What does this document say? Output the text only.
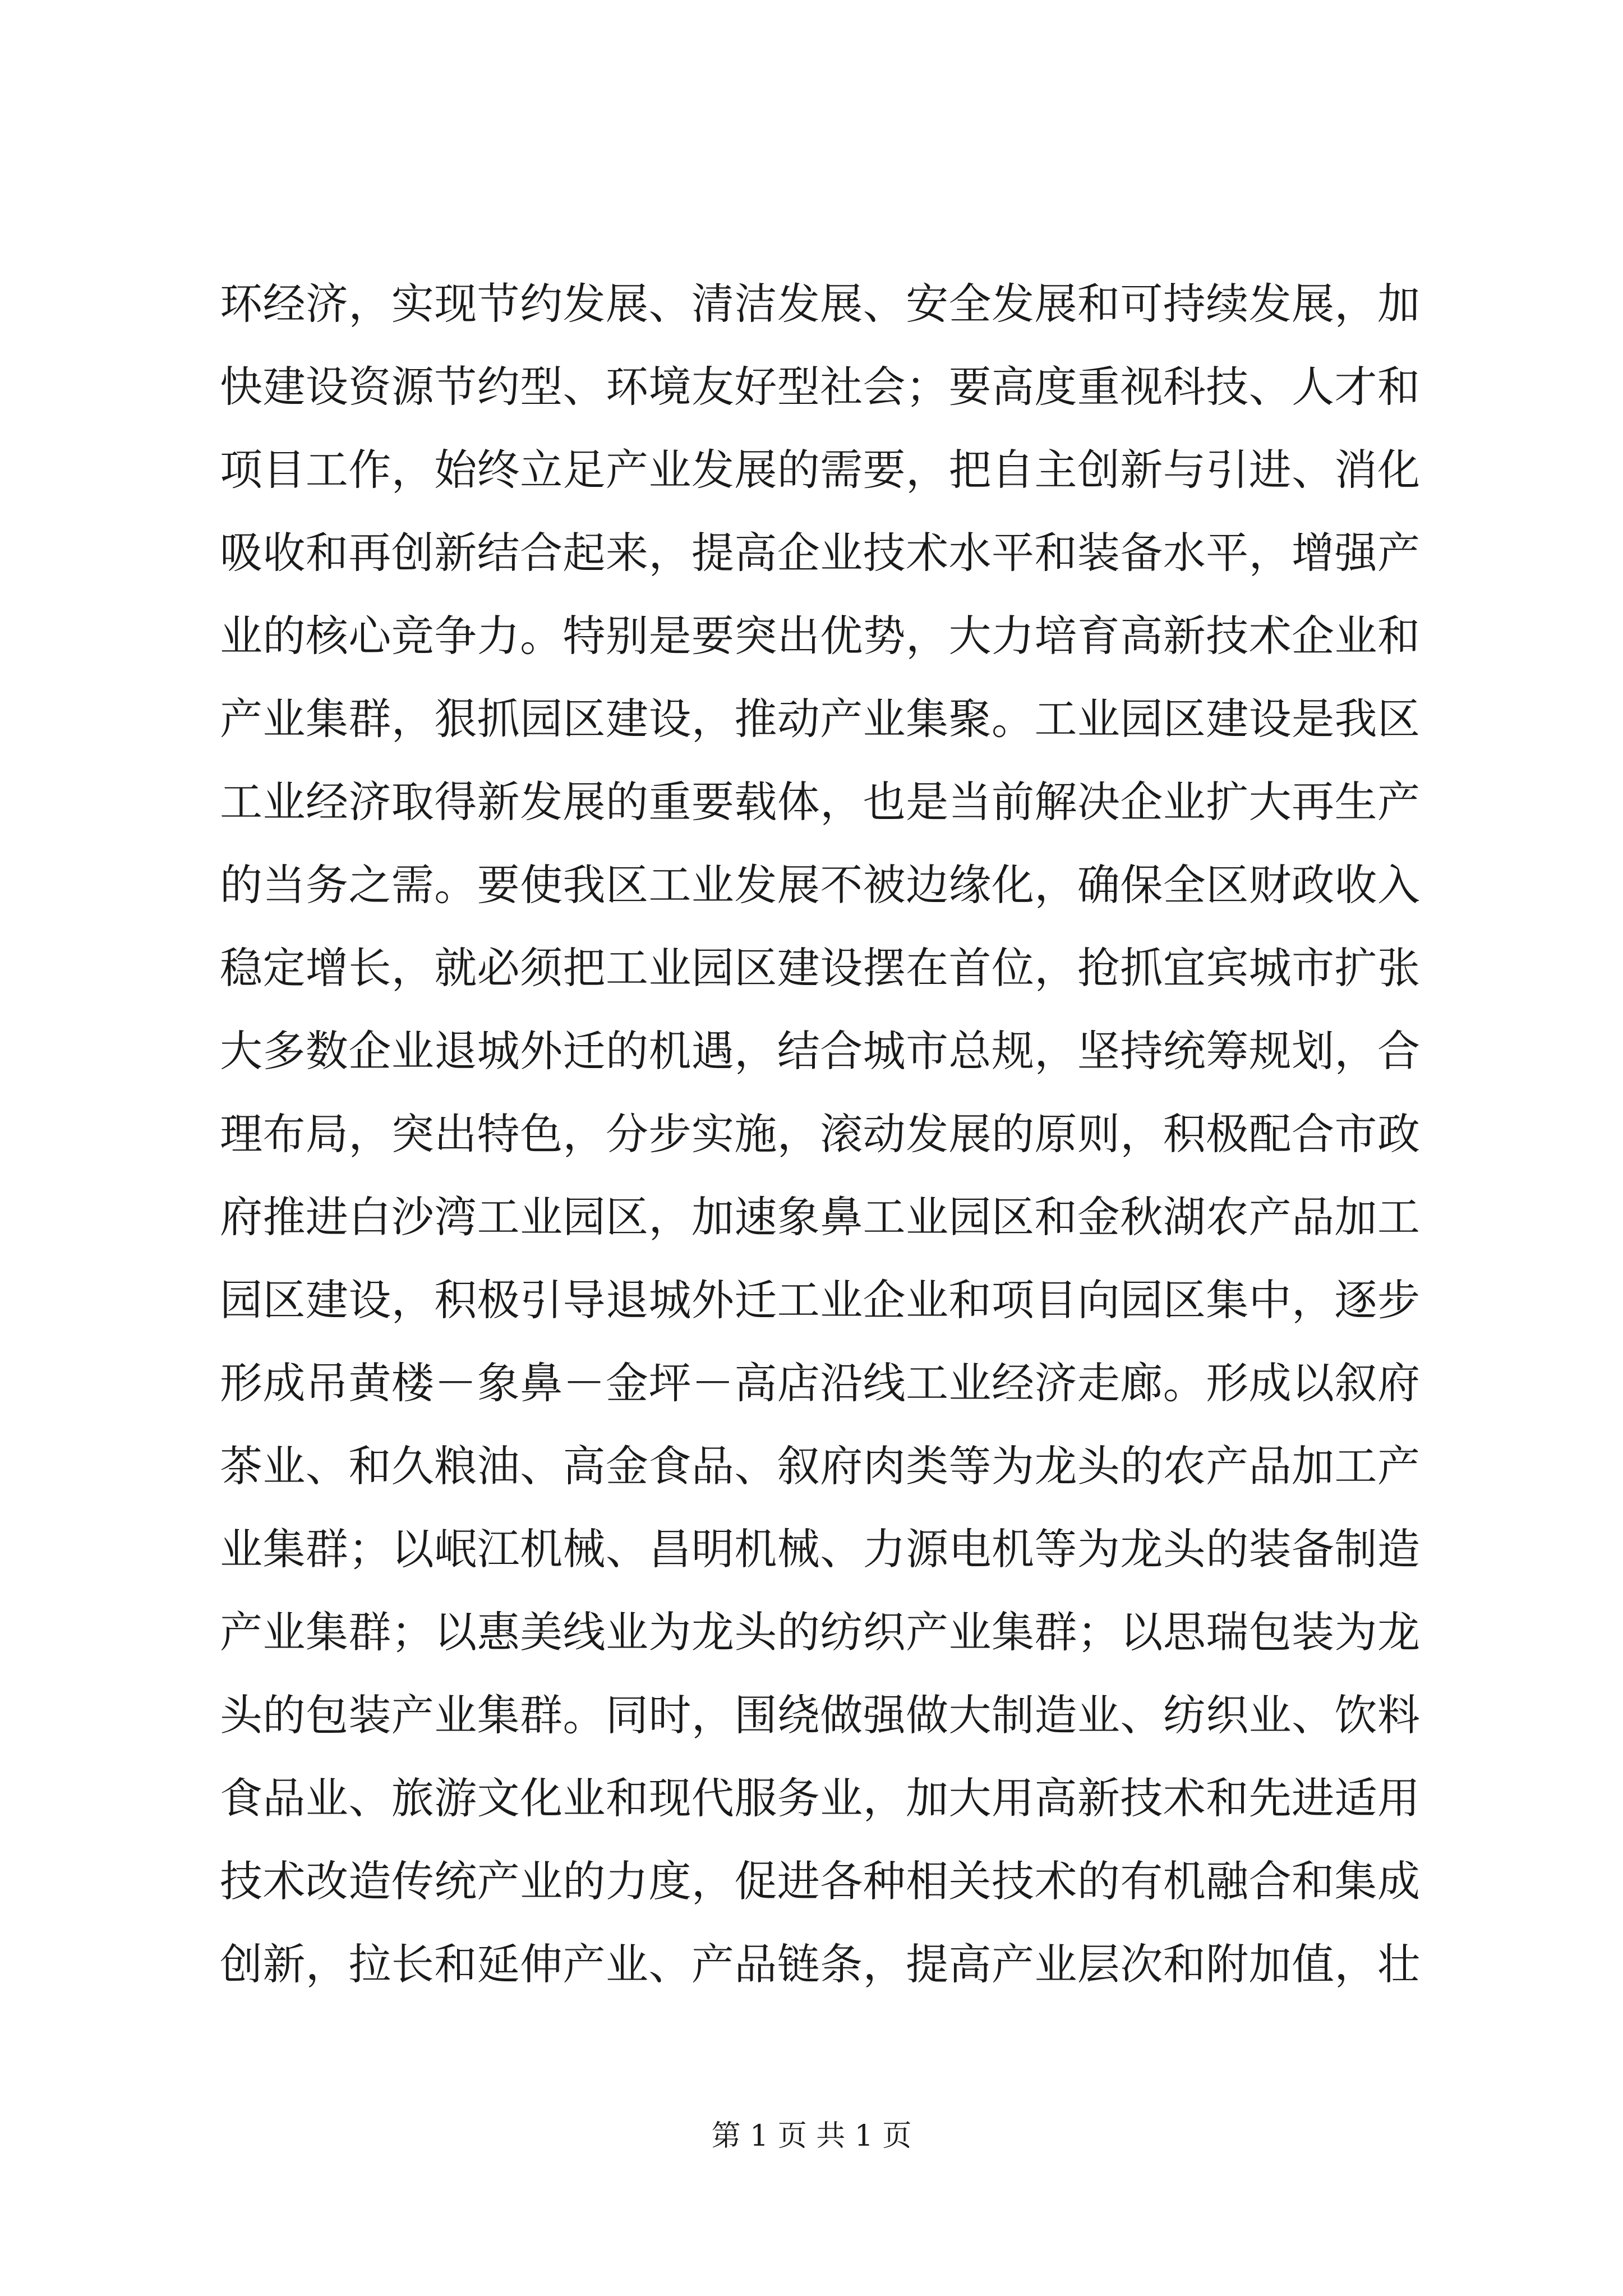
环经济，实现节约发展、清洁发展、安全发展和可持续发展，加
快建设资源节约型、环境友好型社会；要高度重视科技、人才和
项目工作，始终立足产业发展的需要，把自主创新与引进、消化
吸收和再创新结合起来，提高企业技术水平和装备水平，增强产
业的核心竞争力。特别是要突出优势，大力培育高新技术企业和
产业集群，狠抓园区建设，推动产业集聚。工业园区建设是我区
工业经济取得新发展的重要载体，也是当前解决企业扩大再生产
的当务之需。要使我区工业发展不被边缘化，确保全区财政收入
稳定增长，就必须把工业园区建设摆在首位，抢抓宜宾城市扩张
大多数企业退城外迁的机遇，结合城市总规，坚持统筹规划，合
理布局，突出特色，分步实施，滚动发展的原则，积极配合市政
府推进白沙湾工业园区，加速象鼻工业园区和金秋湖农产品加工
园区建设，积极引导退城外迁工业企业和项目向园区集中，逐步
形成吊黄楼－象鼻－金坪－高店沿线工业经济走廊。形成以叙府
茶业、和久粮油、高金食品、叙府肉类等为龙头的农产品加工产
业集群；以岷江机械、昌明机械、力源电机等为龙头的装备制造
产业集群；以惠美线业为龙头的纺织产业集群；以思瑞包装为龙
头的包装产业集群。同时，围绕做强做大制造业、纺织业、饮料
食品业、旅游文化业和现代服务业，加大用高新技术和先进适用
技术改造传统产业的力度，促进各种相关技术的有机融合和集成
创新，拉长和延伸产业、产品链条，提高产业层次和附加值，壮
第 1 页 共 1 页
